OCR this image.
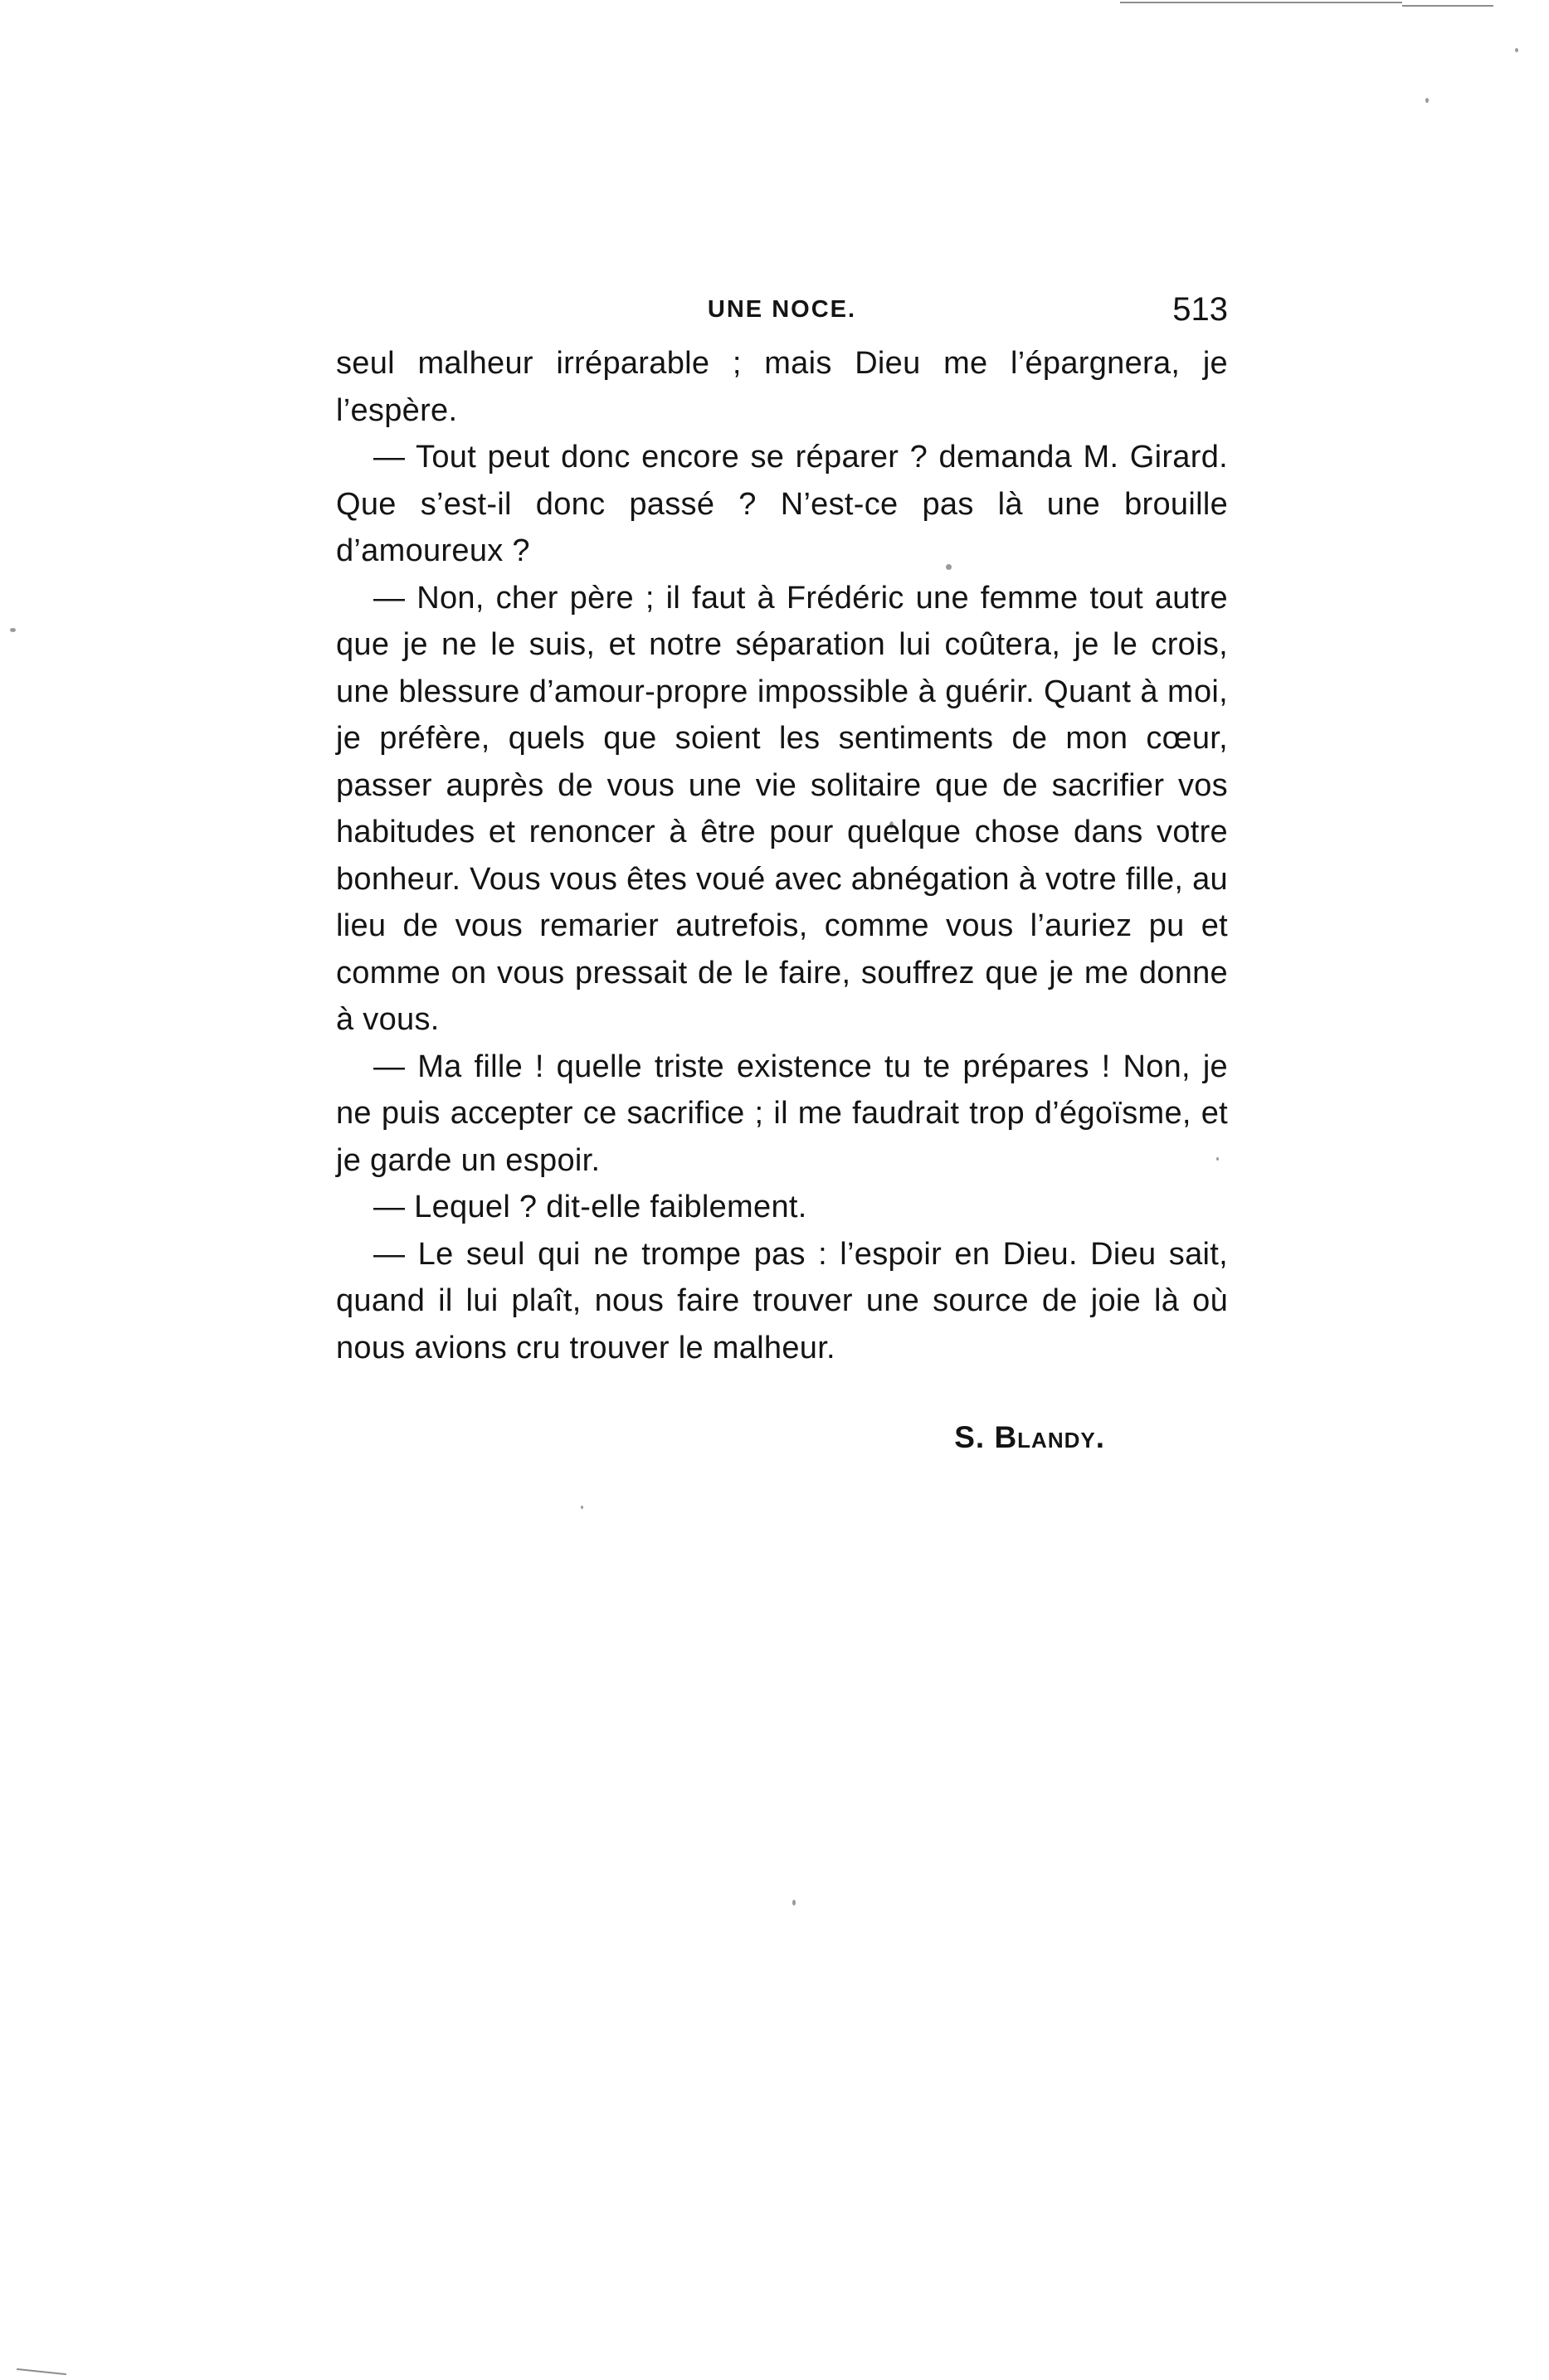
UNE NOCE.	513

seul malheur irréparable ; mais Dieu me l’épargnera, je l’espère.

— Tout peut donc encore se réparer ? demanda M. Girard. Que s’est-il donc passé ? N’est-ce pas là une brouille d’amoureux ?

— Non, cher père ; il faut à Frédéric une femme tout autre que je ne le suis, et notre séparation lui coûtera, je le crois, une blessure d’amour-propre impossible à guérir. Quant à moi, je préfère, quels que soient les sentiments de mon cœur, passer auprès de vous une vie solitaire que de sacrifier vos habitudes et renoncer à être pour quelque chose dans votre bonheur. Vous vous êtes voué avec abnégation à votre fille, au lieu de vous remarier autrefois, comme vous l’auriez pu et comme on vous pressait de le faire, souffrez que je me donne à vous.

— Ma fille ! quelle triste existence tu te prépares ! Non, je ne puis accepter ce sacrifice ; il me faudrait trop d’égoïsme, et je garde un espoir.

— Lequel ? dit-elle faiblement.

— Le seul qui ne trompe pas : l’espoir en Dieu. Dieu sait, quand il lui plaît, nous faire trouver une source de joie là où nous avions cru trouver le malheur.

S. Blandy.
